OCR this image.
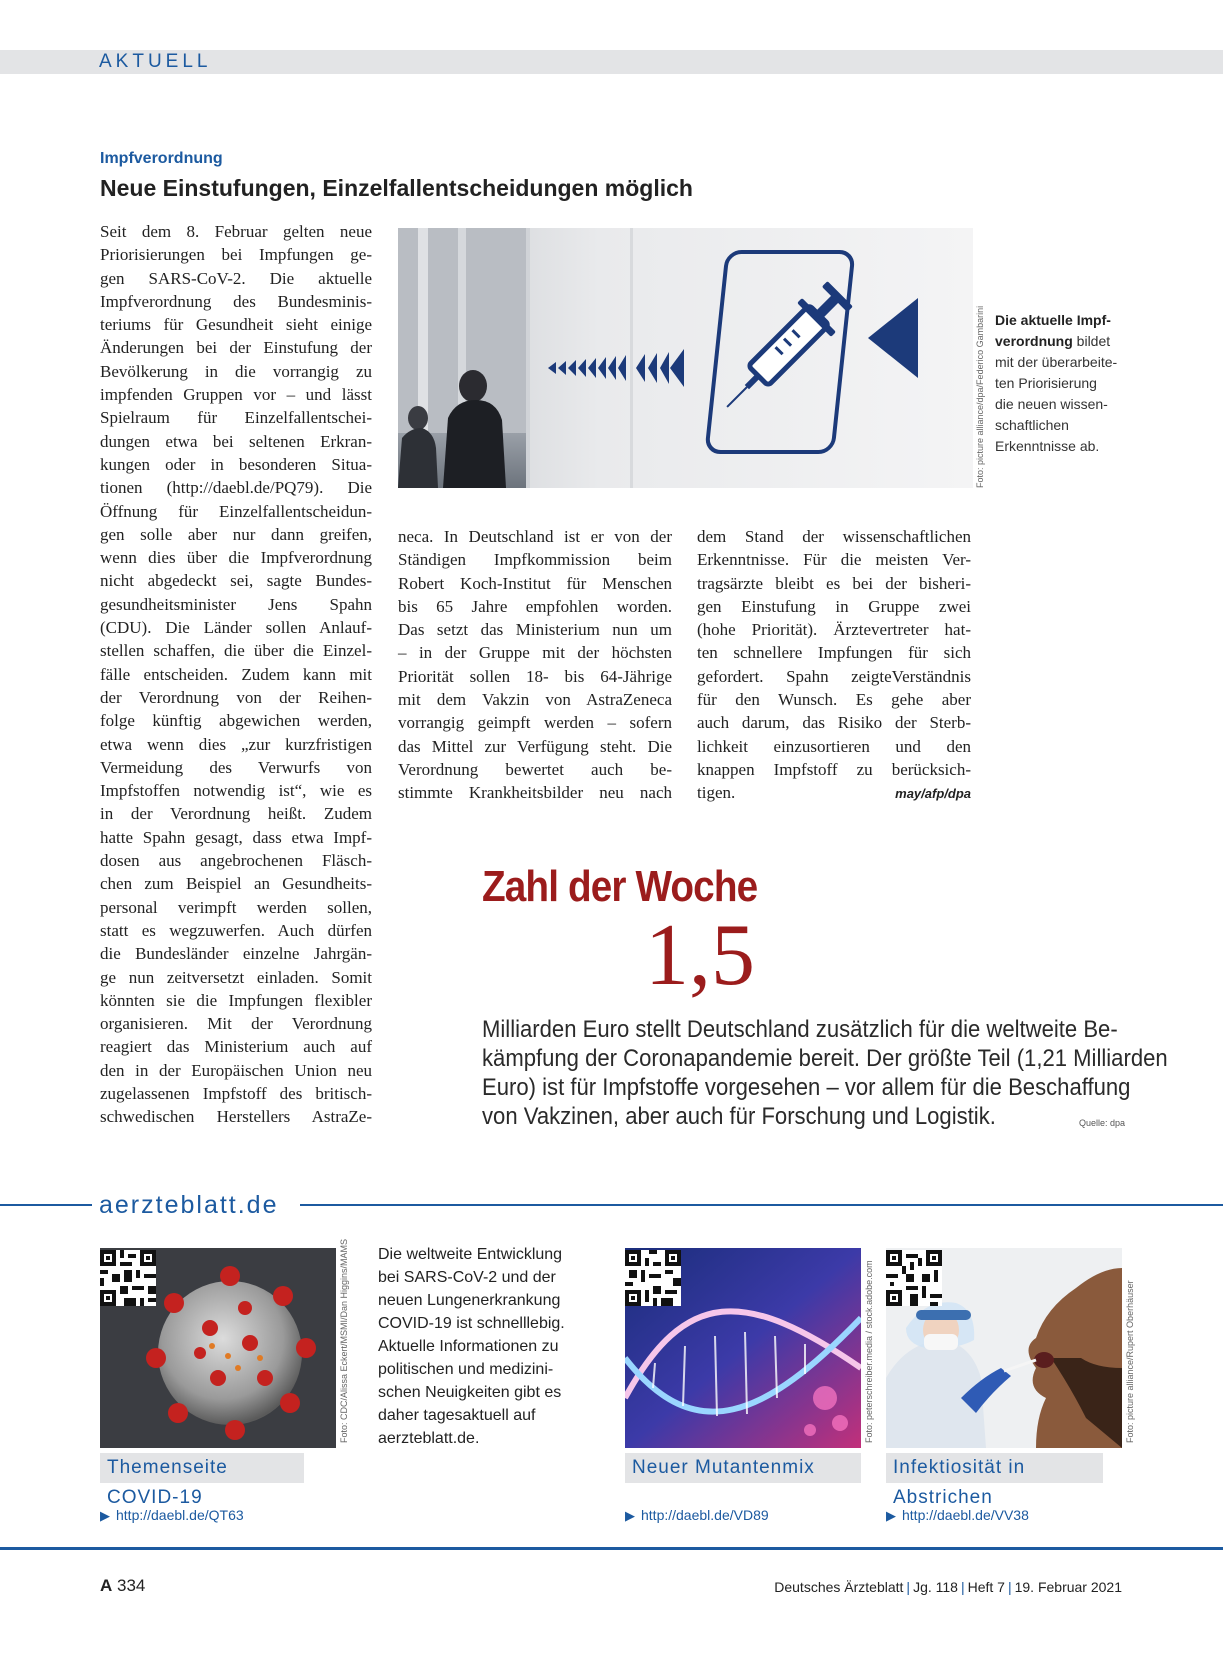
AKTUELL
Impfverordnung
Neue Einstufungen, Einzelfallentscheidungen möglich
Seit dem 8. Februar gelten neue
Priorisierungen bei Impfungen ge-
gen SARS-CoV-2. Die aktuelle
Impfverordnung des Bundesminis-
teriums für Gesundheit sieht einige
Änderungen bei der Einstufung der
Bevölkerung in die vorrangig zu
impfenden Gruppen vor – und lässt
Spielraum für Einzelfallentschei-
dungen etwa bei seltenen Erkran-
kungen oder in besonderen Situa-
tionen (http://daebl.de/PQ79). Die
Öffnung für Einzelfallentscheidun-
gen solle aber nur dann greifen,
wenn dies über die Impfverordnung
nicht abgedeckt sei, sagte Bundes-
gesundheitsminister Jens Spahn
(CDU). Die Länder sollen Anlauf-
stellen schaffen, die über die Einzel-
fälle entscheiden. Zudem kann mit
der Verordnung von der Reihen-
folge künftig abgewichen werden,
etwa wenn dies „zur kurzfristigen
Vermeidung des Verwurfs von
Impfstoffen notwendig ist“, wie es
in der Verordnung heißt. Zudem
hatte Spahn gesagt, dass etwa Impf-
dosen aus angebrochenen Fläsch-
chen zum Beispiel an Gesundheits-
personal verimpft werden sollen,
statt es wegzuwerfen. Auch dürfen
die Bundesländer einzelne Jahrgän-
ge nun zeitversetzt einladen. Somit
könnten sie die Impfungen flexibler
organisieren. Mit der Verordnung
reagiert das Ministerium auch auf
den in der Europäischen Union neu
zugelassenen Impfstoff des britisch-
schwedischen Herstellers AstraZe-
Foto: picture alliance/dpa/Federico Gambarini Die aktuelle Impf-
verordnung bildet
mit der überarbeite-
ten Priorisierung
die neuen wissen-
schaftlichen
Erkenntnisse ab.
neca. In Deutschland ist er von der
Ständigen Impfkommission beim
Robert Koch-Institut für Menschen
bis 65 Jahre empfohlen worden.
Das setzt das Ministerium nun um
– in der Gruppe mit der höchsten
Priorität sollen 18- bis 64-Jährige
mit dem Vakzin von AstraZeneca
vorrangig geimpft werden – sofern
das Mittel zur Verfügung steht. Die
Verordnung bewertet auch be-
stimmte Krankheitsbilder neu nach
dem Stand der wissenschaftlichen
Erkenntnisse. Für die meisten Ver-
tragsärzte bleibt es bei der bisheri-
gen Einstufung in Gruppe zwei
(hohe Priorität). Ärztevertreter hat-
ten schnellere Impfungen für sich
gefordert. Spahn zeigteVerständnis
für den Wunsch. Es gehe aber
auch darum, das Risiko der Sterb-
lichkeit einzusortieren und den
knappen Impfstoff zu berücksich-
tigen.	may/afp/dpa
Zahl der Woche
1,5
Milliarden Euro stellt Deutschland zusätzlich für die weltweite Be-
kämpfung der Coronapandemie bereit. Der größte Teil (1,21 Milliarden
Euro) ist für Impfstoffe vorgesehen – vor allem für die Beschaffung
von Vakzinen, aber auch für Forschung und Logistik.	Quelle: dpa
aerzteblatt.de
Foto: CDC/Alissa Eckert/MSMI/Dan Higgins/MAMS
Themenseite COVID-19
▶ http://daebl.de/QT63
Die weltweite Entwicklung
bei SARS-CoV-2 und der
neuen Lungenerkrankung
COVID-19 ist schnelllebig.
Aktuelle Informationen zu
politischen und medizini-
schen Neuigkeiten gibt es
daher tagesaktuell auf
aerzteblatt.de.	Foto: peterschreiber.media / stock.adobe.com
Neuer Mutantenmix
▶ http://daebl.de/VD89
Foto: picture alliance/Rupert Oberhäuser
Infektiosität in Abstrichen
▶ http://daebl.de/VV38
A 334	Deutsches Ärzteblatt | Jg. 118 | Heft 7 | 19. Februar 2021
